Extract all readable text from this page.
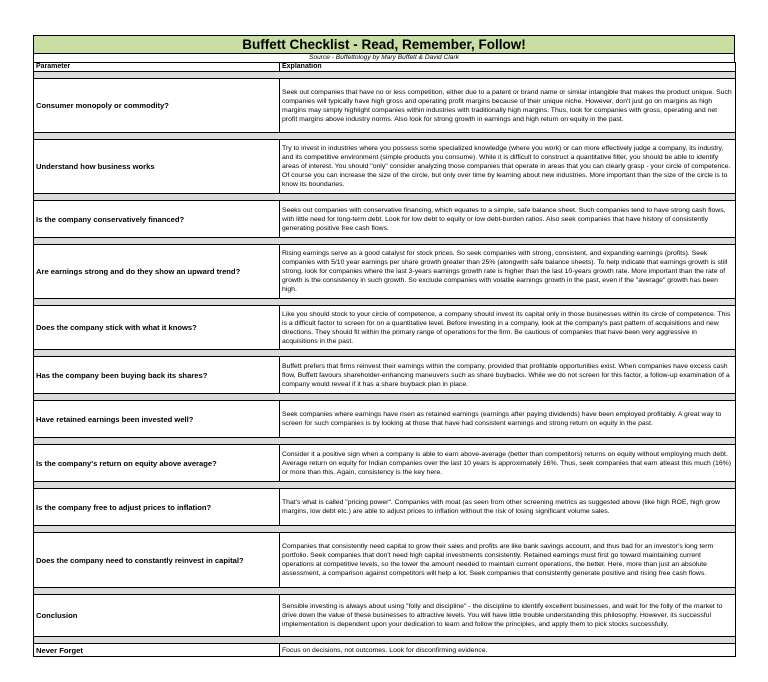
Buffett Checklist - Read, Remember, Follow!
Source - Buffettology by Mary Buffett & David Clark
Parameter	Explanation

Consumer monopoly or commodity?	Seek out companies that have no or less competition, either due to a patent or brand name or similar intangible that makes the product unique. Such companies will typically have high gross and operating profit margins because of their unique niche. However, don't just go on margins as high margins may simply highlight companies within industries with traditionally high margins. Thus, look for companies with gross, operating and net profit margins above industry norms. Also look for strong growth in earnings and high return on equity in the past.

Understand how business works	Try to invest in industries where you possess some specialized knowledge (where you work) or can more effectively judge a company, its industry, and its competitive environment (simple products you consume). While it is difficult to construct a quantitative filter, you should be able to identify areas of interest. You should "only" consider analyzing those companies that operate in areas that you can clearly grasp - your circle of competence. Of course you can increase the size of the circle, but only over time by learning about new industries. More important than the size of the circle is to know its boundaries.

Is the company conservatively financed?	Seeks out companies with conservative financing, which equates to a simple, safe balance sheet. Such companies tend to have strong cash flows, with little need for long-term debt. Look for low debt to equity or low debt-burden ratios. Also seek companies that have history of consistently generating positive free cash flows.

Are earnings strong and do they show an upward trend?	Rising earnings serve as a good catalyst for stock prices. So seek companies with strong, consistent, and expanding earnings (profits). Seek companies with 5/10 year earnings per share growth greater than 25% (alongwith safe balance sheets). To help indicate that earnings growth is still strong, look for companies where the last 3-years earnings growth rate is higher than the last 10-years growth rate. More important than the rate of growth is the consistency in such growth. So exclude companies with volatile earnings growth in the past, even if the "average" growth has been high.

Does the company stick with what it knows?	Like you should stock to your circle of competence, a company should invest its capital only in those businesses within its circle of competence. This is a difficult factor to screen for on a quantitative level. Before investing in a company, look at the company's past pattern of acquisitions and new directions. They should fit within the primary range of operations for the firm. Be cautious of companies that have been very aggressive in acquisitions in the past.

Has the company been buying back its shares?	Buffett prefers that firms reinvest their earnings within the company, provided that profitable opportunities exist. When companies have excess cash flow, Buffett favours shareholder-enhancing maneuvers such as share buybacks. While we do not screen for this factor, a follow-up examination of a company would reveal if it has a share buyback plan in place.

Have retained earnings been invested well?	Seek companies where earnings have risen as retained earnings (earnings after paying dividends) have been employed profitably. A great way to screen for such companies is by looking at those that have had consistent earnings and strong return on equity in the past.

Is the company's return on equity above average?	Consider it a positive sign when a company is able to earn above-average (better than competitors) returns on equity without employing much debt. Average return on equity for Indian companies over the last 10 years is approximately 16%. Thus, seek companies that earn atleast this much (16%) or more than this. Again, consistency is the key here.

Is the company free to adjust prices to inflation?	That's what is called "pricing power". Companies with moat (as seen from other screening metrics as suggested above (like high ROE, high grow margins, low debt etc.) are able to adjust prices to inflation without the risk of losing significant volume sales.

Does the company need to constantly reinvest in capital?	Companies that consistently need capital to grow their sales and profits are like bank savings account, and thus bad for an investor's long term portfolio. Seek companies that don't need high capital investments consistently. Retained earnings must first go toward maintaining current operations at competitive levels, so the lower the amount needed to maintain current operations, the better. Here, more than just an absolute assessment, a comparison against competitors will help a lot. Seek companies that consistently generate positive and rising free cash flows.

Conclusion	Sensible investing is always about using "folly and discipline" - the discipline to identify excellent businesses, and wait for the folly of the market to drive down the value of these businesses to attractive levels. You will have little trouble understanding this philosophy. However, its successful implementation is dependent upon your dedication to learn and follow the principles, and apply them to pick stocks successfully.

Never Forget	Focus on decisions, not outcomes. Look for disconfirming evidence.
